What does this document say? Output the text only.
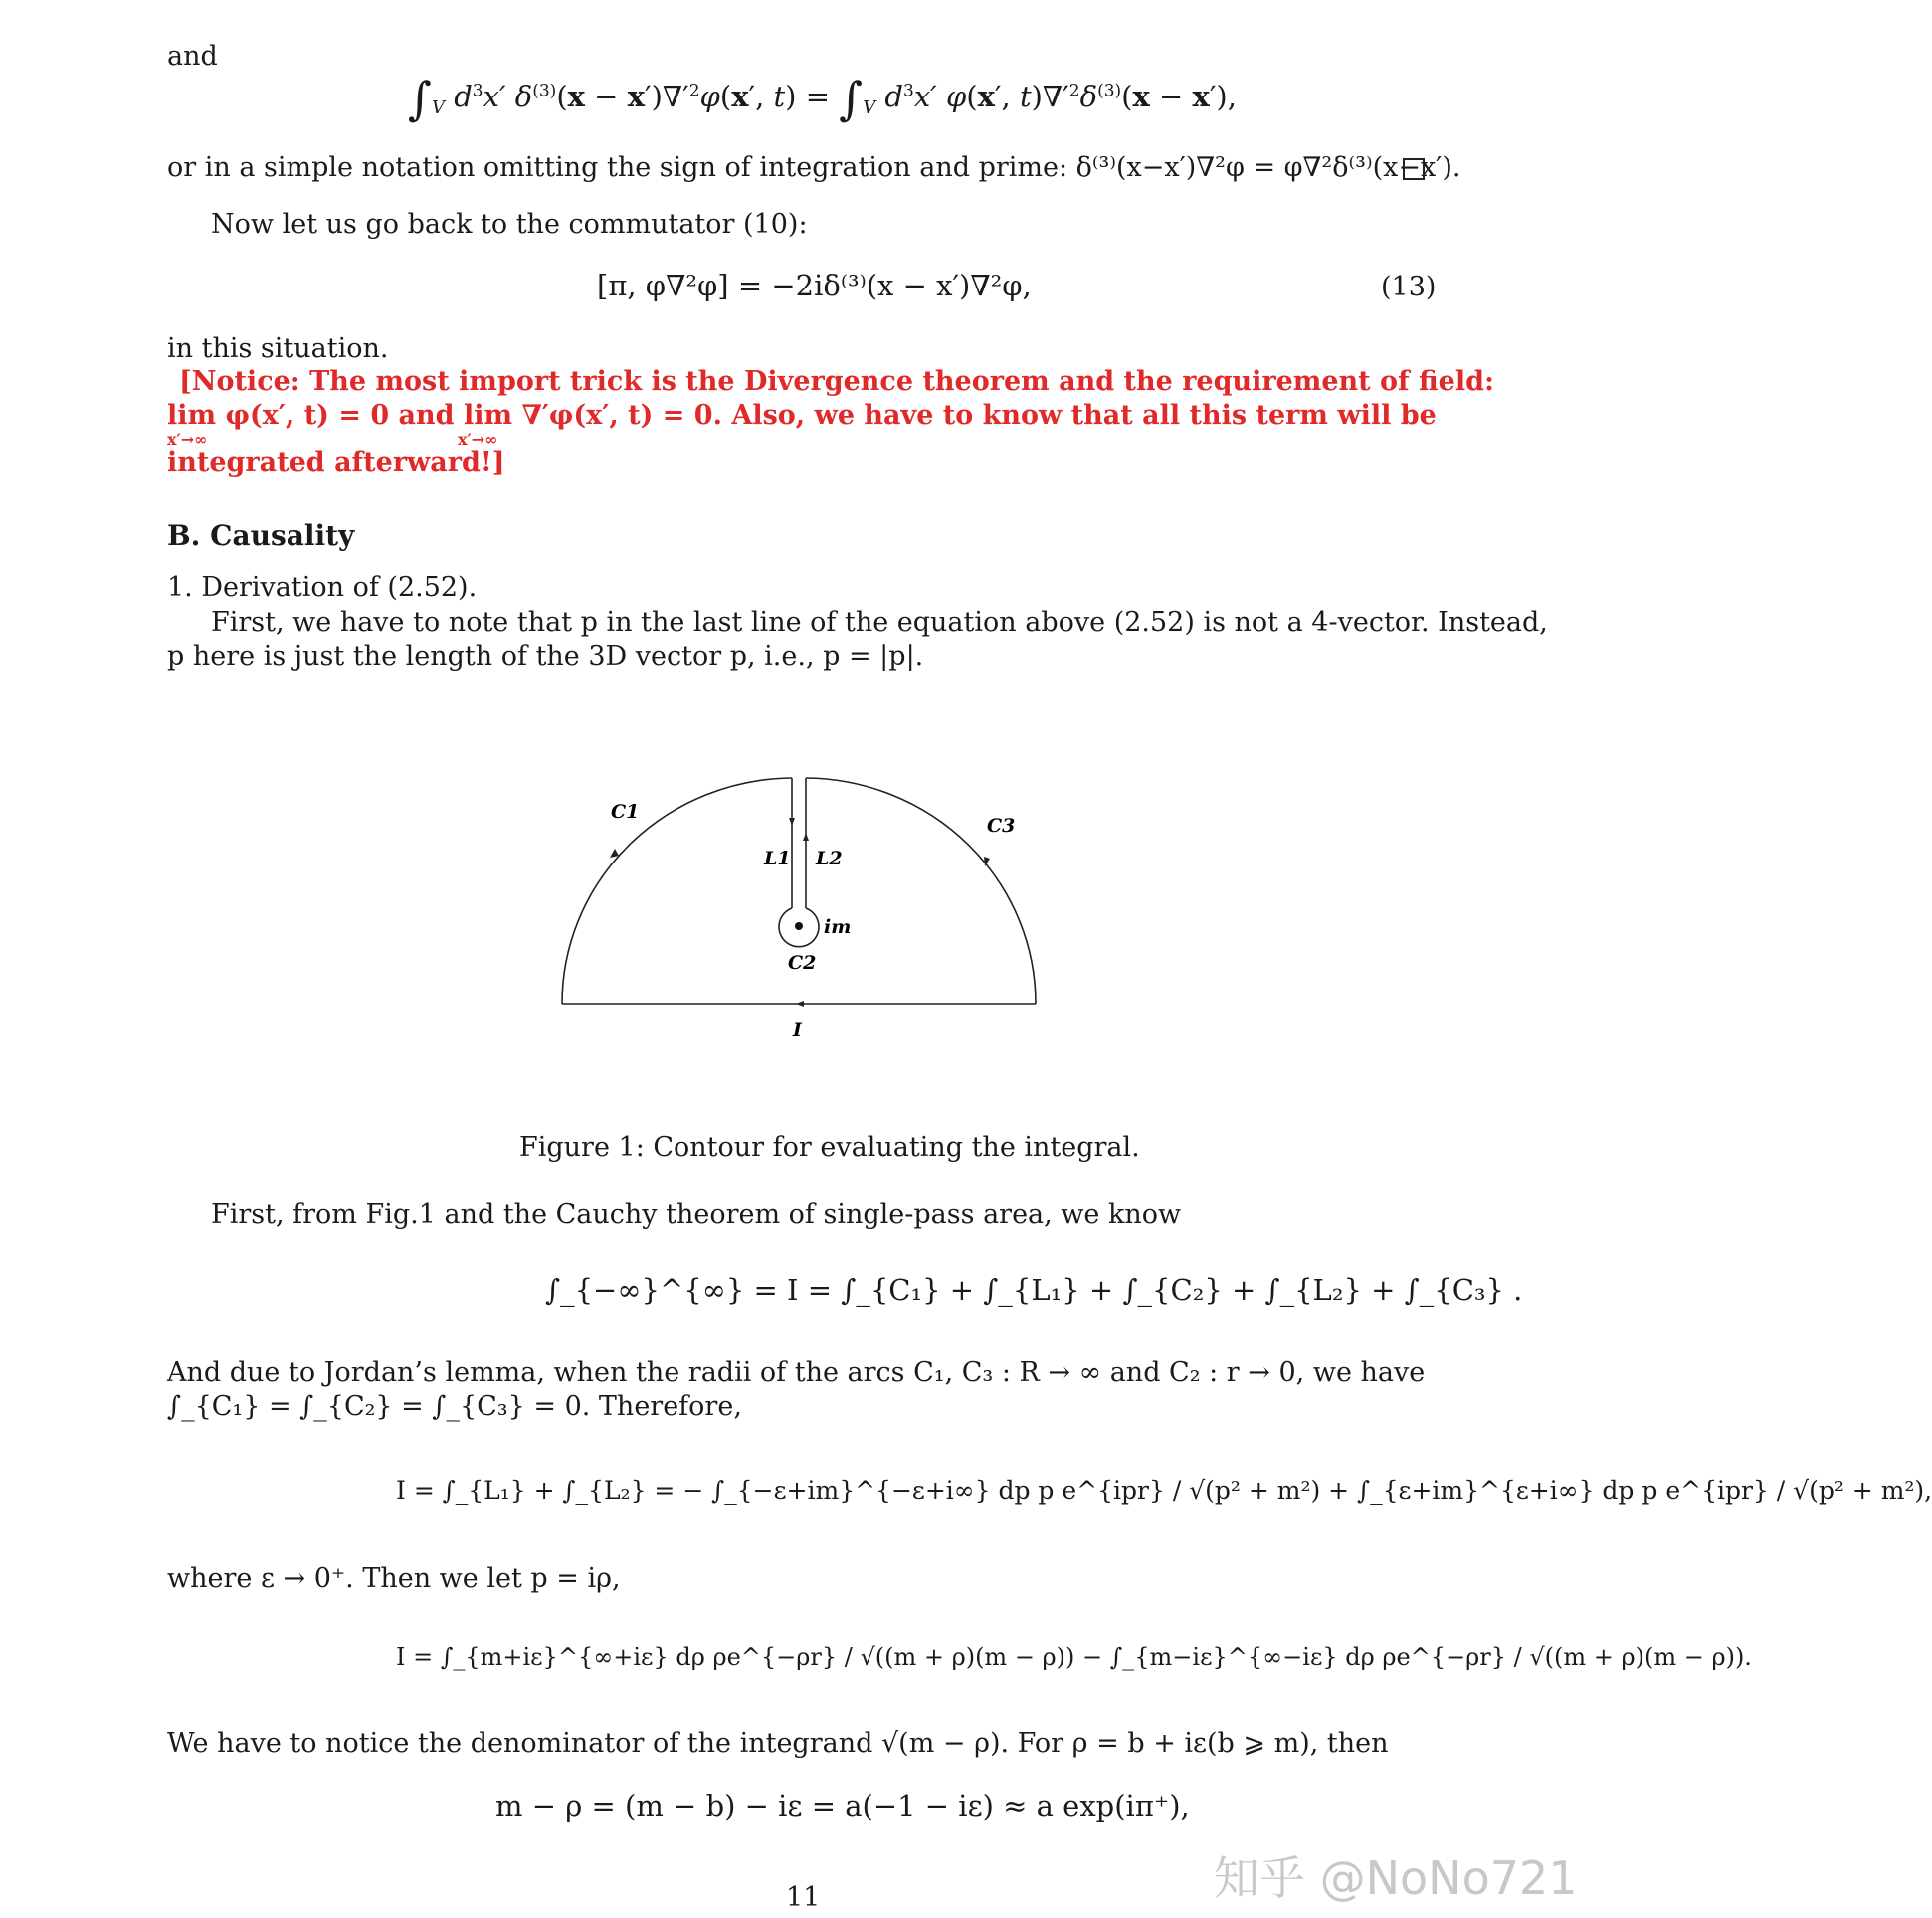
and
$\int_V$ $d^3x'$ $\delta^{(3)}(x - x')\nabla'^2\varphi(x'$, $t) = \int_V$ $d^3x'$ φ(x′, $t)\nabla'^2\delta^{(3)}(x - x')$,
or in a simple notation omitting the sign of integration and prime: δ⁽³⁾(x−x′)∇²φ = φ∇²δ⁽³⁾(x−x′).
Now let us go back to the commutator (10):
[π, φ∇²φ] = −2iδ⁽³⁾(x − x′)∇²φ,	(13)
in this situation.
[Notice: The most import trick is the Divergence theorem and the requirement of field:
lim φ(x′, t) = 0 and lim ∇′φ(x′, t) = 0. Also, we have to know that all this term will be
x′→∞	x′→∞
integrated afterward!]
B. Causality
1. Derivation of (2.52).
First, we have to note that p in the last line of the equation above (2.52) is not a 4-vector. Instead,
p here is just the length of the 3D vector p, i.e., p = |p|.
C1
C3
L1 L2
im
C2
I
Figure 1: Contour for evaluating the integral.
First, from Fig.1 and the Cauchy theorem of single-pass area, we know
∫_{−∞}^{∞} = I = ∫_{C₁} + ∫_{L₁} + ∫_{C₂} + ∫_{L₂} + ∫_{C₃} .
And due to Jordan’s lemma, when the radii of the arcs C₁, C₃ : R → ∞ and C₂ : r → 0, we have
∫_{C₁} = ∫_{C₂} = ∫_{C₃} = 0. Therefore,
I = ∫_{L₁} + ∫_{L₂} = − ∫_{−ε+im}^{−ε+i∞} dp p e^{ipr} / √(p² + m²) + ∫_{ε+im}^{ε+i∞} dp p e^{ipr} / √(p² + m²),
where ε → 0⁺. Then we let p = iρ,
I = ∫_{m+iε}^{∞+iε} dρ ρe^{−ρr} / √((m + ρ)(m − ρ)) − ∫_{m−iε}^{∞−iε} dρ ρe^{−ρr} / √((m + ρ)(m − ρ)).
We have to notice the denominator of the integrand √(m − ρ). For ρ = b + iε(b ⩾ m), then
m − ρ = (m − b) − iε = a(−1 − iε) ≈ a exp(iπ⁺),
11	知乎 @NoNo721
